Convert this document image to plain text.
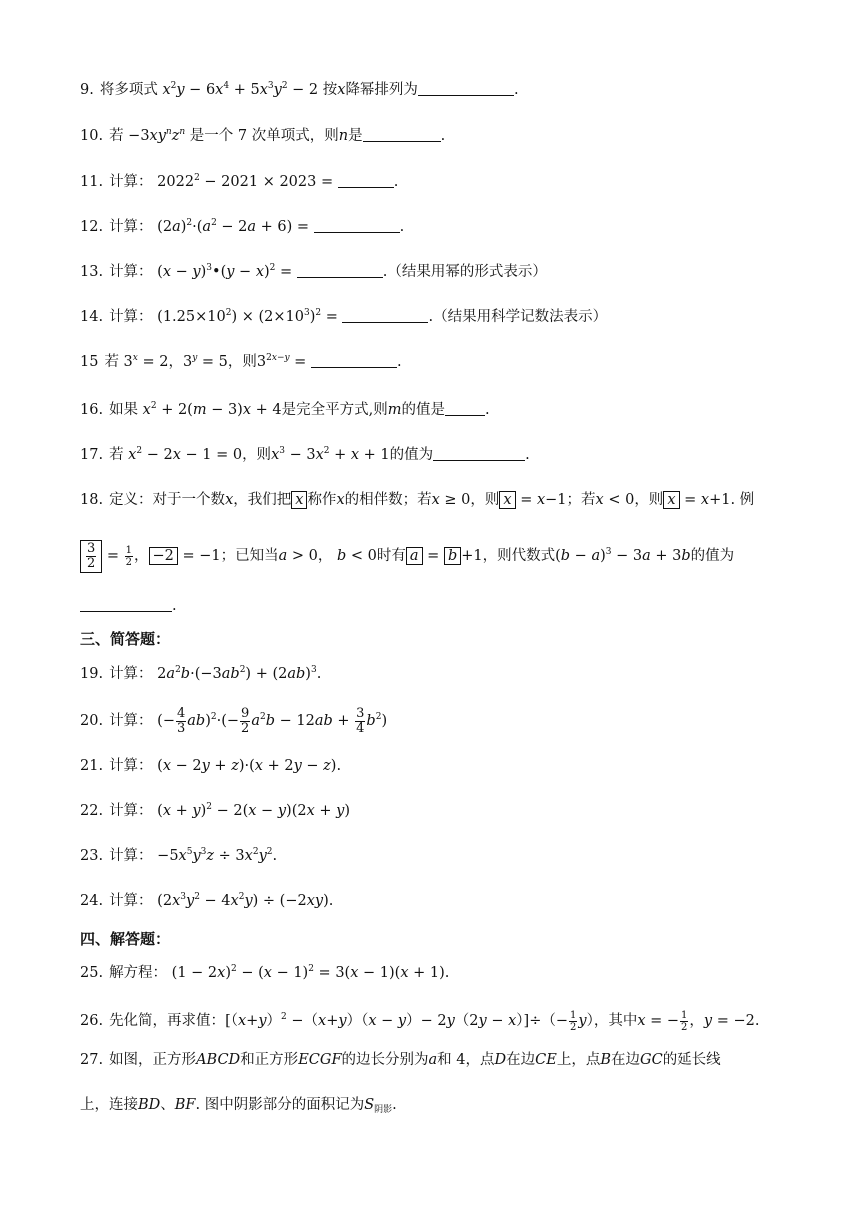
9. 将多项式 $x^2y - 6x^4 + 5x^3y^2 - 2$ 按x降幂排列为	.
10. 若 $-3xy^nz^n$ 是一个 7 次单项式，则n是	.
11. 计算： $2022^2 - 2021 \times 2023$ =	.
12. 计算： $(2a)^2\cdot(a^2 - 2a + 6)$ =	.
13. 计算： $(x - y)^3•(y - x)^2$ =	.（结果用幂的形式表示）
14. 计算： $(1.25\times 10^2) \times (2\times 10^3)^2$ =	.（结果用科学记数法表示）
15 若 $3^x = 2$，$3^y = 5$，则$3^{2x-y}$ =	.
16. 如果 $x^2 + 2(m - 3)x + 4$是完全平方式,则m的值是	.
17. 若 $x^2 - 2x - 1 = 0$，则$x^3 - 3x^2 + x + 1$的值为	.
18. 定义：对于一个数x，我们把 x 称作x的相伴数；若x ≥ 0，则 x = x−1；若x < 0，则 x = x+1. 例
$\frac{3}{2} = \frac{1}{2}$ ， −2 = −1；已知当a > 0， b < 0时有 a = b +1，则代数式$(b - a)^3 - 3a + 3b$的值为
.
三、简答题：
19. 计算： $2a^2b\cdot(-3ab^2) + (2ab)^3$.
20. 计算： (− $\frac{4}{3} ab)^2\cdot(- \frac{9}{2} a^2b - 12ab + \frac{3}{4} b^2)$
21. 计算： (x − 2y + z)·(x + 2y − z).
22. 计算： $(x + y)^2 - 2(x - y)(2x + y)$
23. 计算： $-5x^5y^3z \div 3x^2y^2$.
24. 计算： $(2x^3y^2 - 4x^2y) \div (-2xy)$.
四、解答题：
25. 解方程： $(1 - 2x)^2 - (x - 1)^2 = 3(x - 1)(x + 1)$.
26. 先化简，再求值：$[(x+y)^2 -(x+y)(x - y)- 2y(2y - x)]\div(- \frac{1}{2} y)$，其中x = − $\frac{1}{2}$ ，y = −2.
27. 如图，正方形ABCD和正方形ECGF的边长分别为a和 4，点D在边CE上，点B在边GC的延长线
上，连接BD、BF. 图中阴影部分的面积记为$S_{阴影}$.
